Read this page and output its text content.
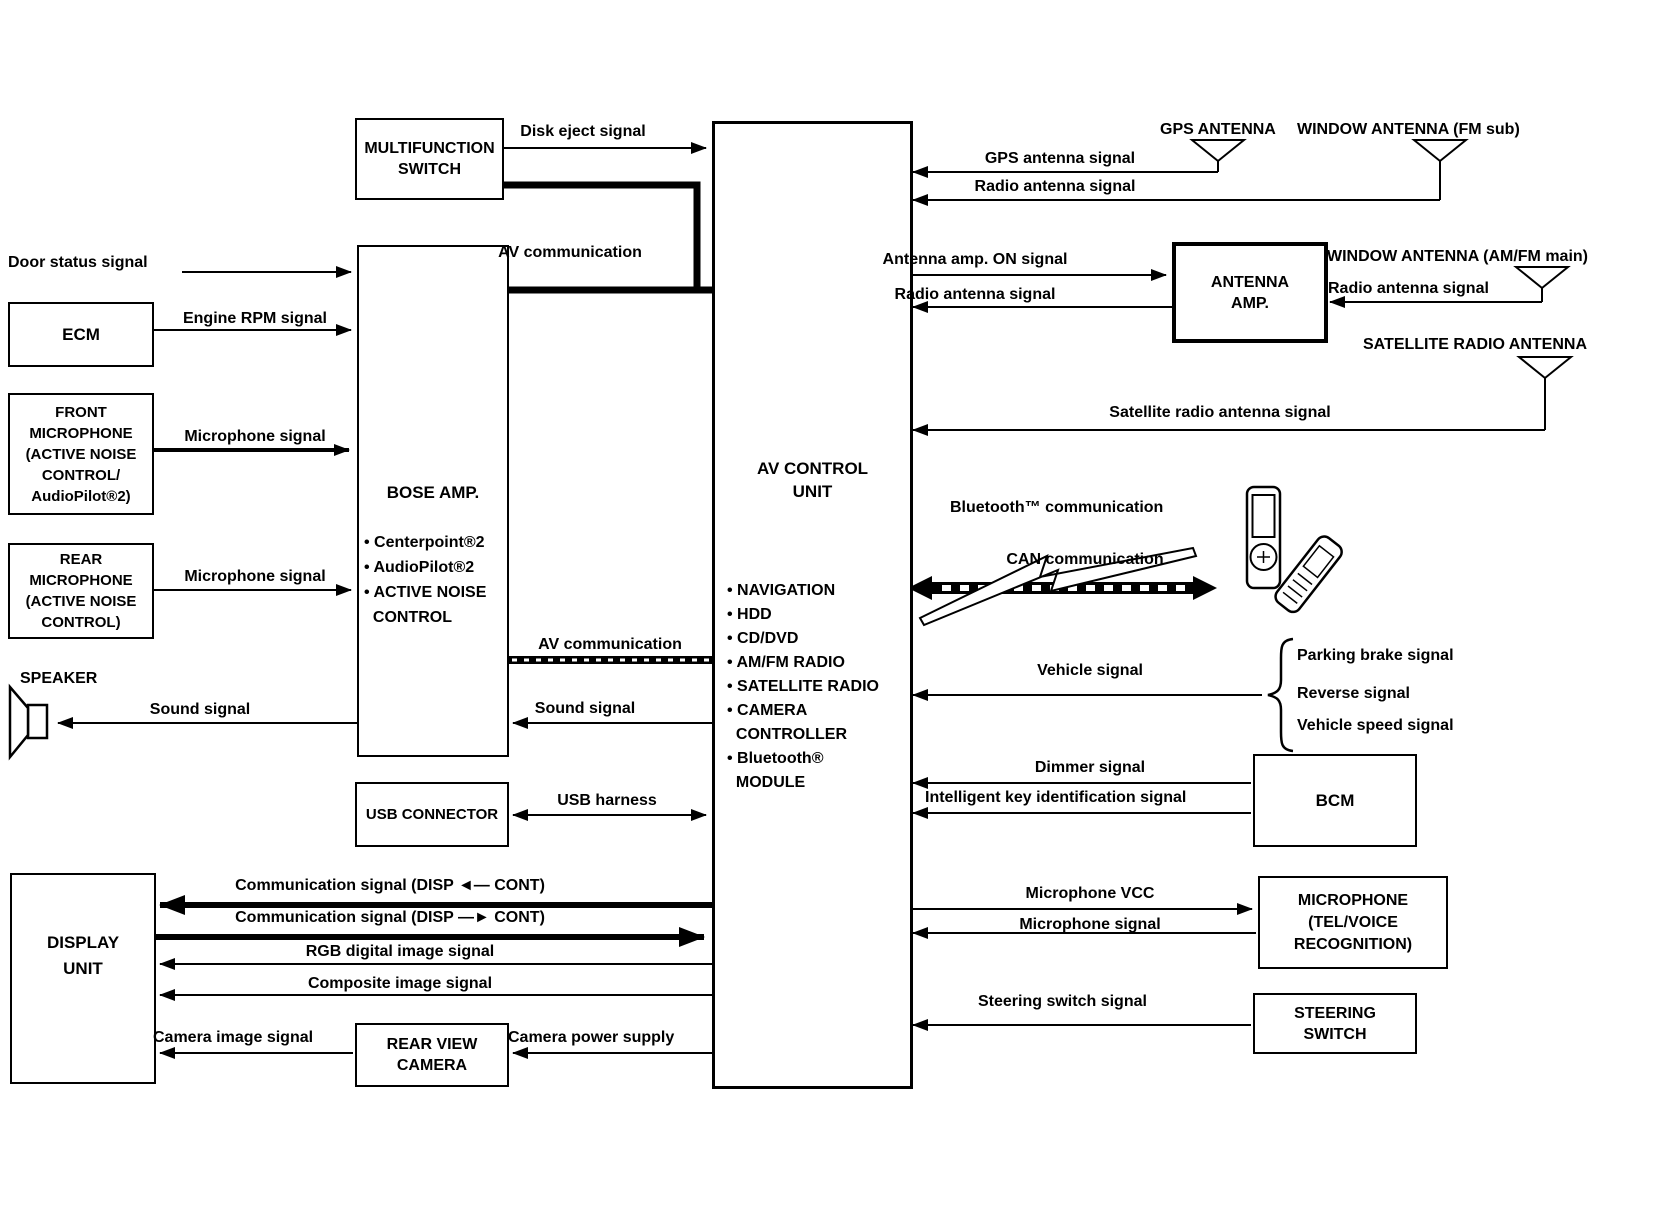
MULTIFUNCTION
SWITCH
ECM
FRONT
MICROPHONE
(ACTIVE NOISE
CONTROL/
AudioPilot®2)
REAR
MICROPHONE
(ACTIVE NOISE
CONTROL)

BOSE AMP.

• Centerpoint®2
• AudioPilot®2
• ACTIVE NOISE
CONTROL

AV CONTROL
UNIT

• NAVIGATION
• HDD
• CD/DVD
• AM/FM RADIO
• SATELLITE RADIO
• CAMERA
CONTROLLER
• Bluetooth®
MODULE

USB CONNECTOR

DISPLAY
UNIT

REAR VIEW
CAMERA
ANTENNA
AMP.
BCM
MICROPHONE
(TEL/VOICE
RECOGNITION)
STEERING
SWITCH
Door status signal
Engine RPM signal
Microphone signal
Microphone signal
SPEAKER
Sound signal
Disk eject signal
AV communication
AV communication
Sound signal
USB harness
Communication signal (DISP ◄— CONT)
Communication signal (DISP —► CONT)
RGB digital image signal
Composite image signal
Camera image signal	Camera power supply
GPS ANTENNA WINDOW ANTENNA (FM sub)
GPS antenna signal
Radio antenna signal
Antenna amp. ON signal
Radio antenna signal
WINDOW ANTENNA (AM/FM main)
Radio antenna signal
SATELLITE RADIO ANTENNA
Satellite radio antenna signal
Bluetooth™ communication
CAN communication
Vehicle signal
Parking brake signal
Reverse signal
Vehicle speed signal
Dimmer signal
Intelligent key identification signal
Microphone VCC
Microphone signal
Steering switch signal
